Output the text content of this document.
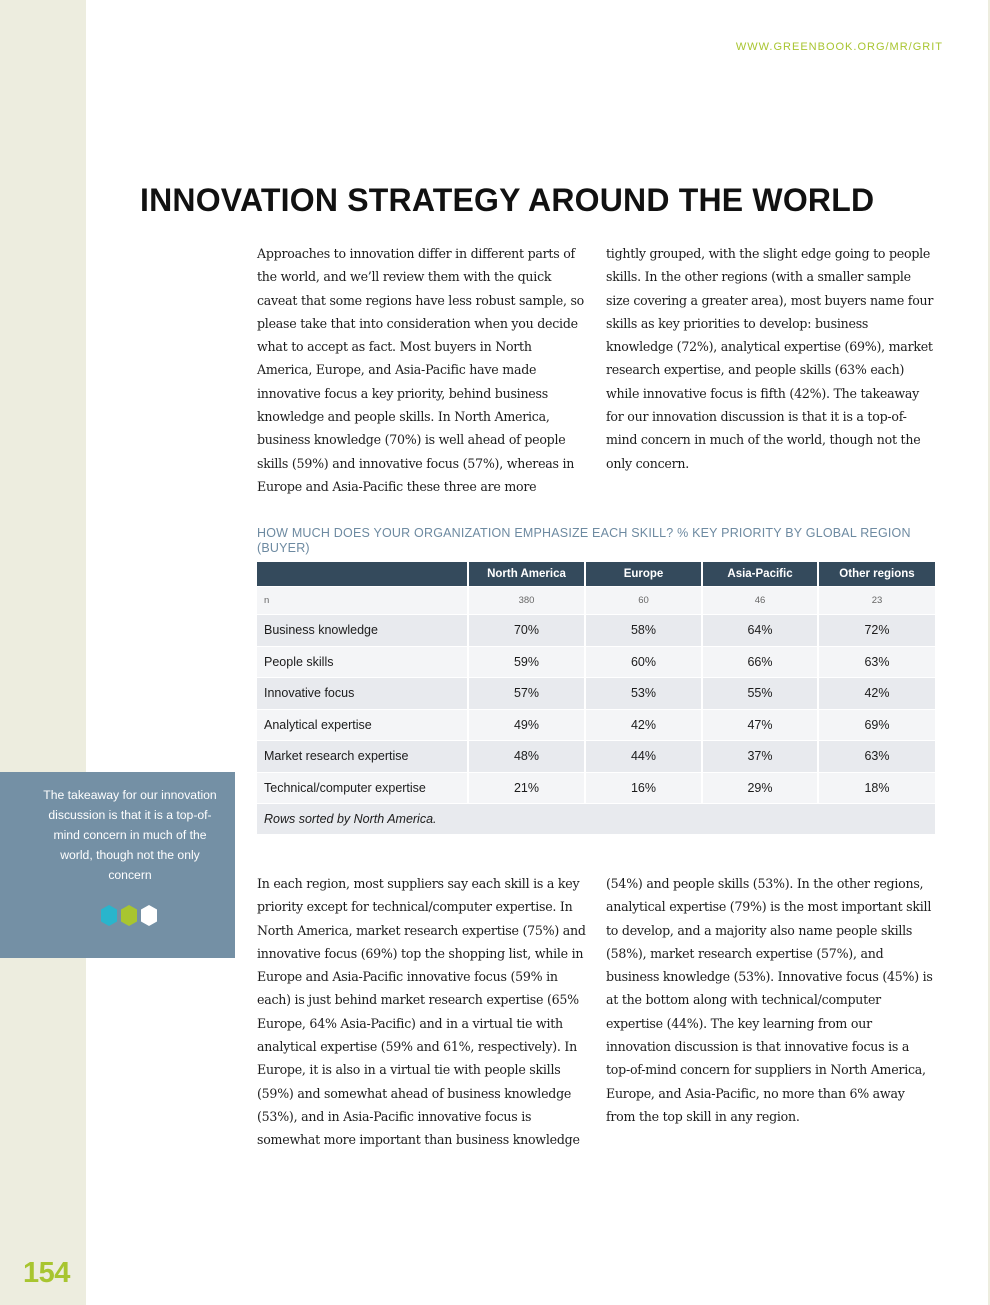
WWW.GREENBOOK.ORG/MR/GRIT
INNOVATION STRATEGY AROUND THE WORLD

Approaches to innovation differ in different parts of the world, and we’ll review them with the quick caveat that some regions have less robust sample, so please take that into consideration when you decide what to accept as fact. Most buyers in North America, Europe, and Asia-Pacific have made innovative focus a key priority, behind business knowledge and people skills. In North America, business knowledge (70%) is well ahead of people skills (59%) and innovative focus (57%), whereas in Europe and Asia-Pacific these three are more

tightly grouped, with the slight edge going to people skills. In the other regions (with a smaller sample size covering a greater area), most buyers name four skills as key priorities to develop: business knowledge (72%), analytical expertise (69%), market research expertise, and people skills (63% each) while innovative focus is fifth (42%). The takeaway for our innovation discussion is that it is a top-of-mind concern in much of the world, though not the only concern.

HOW MUCH DOES YOUR ORGANIZATION EMPHASIZE EACH SKILL? % KEY PRIORITY BY GLOBAL REGION (BUYER)

	North America	Europe	Asia-Pacific	Other regions
n	380	60	46	23
Business knowledge	70%	58%	64%	72%
People skills	59%	60%	66%	63%
Innovative focus	57%	53%	55%	42%
Analytical expertise	49%	42%	47%	69%
Market research expertise	48%	44%	37%	63%
Technical/computer expertise	21%	16%	29%	18%
Rows sorted by North America.				

The takeaway for our innovation discussion is that it is a top-of-mind concern in much of the world, though not the only concern

In each region, most suppliers say each skill is a key priority except for technical/computer expertise. In North America, market research expertise (75%) and innovative focus (69%) top the shopping list, while in Europe and Asia-Pacific innovative focus (59% in each) is just behind market research expertise (65% Europe, 64% Asia-Pacific) and in a virtual tie with analytical expertise (59% and 61%, respectively). In Europe, it is also in a virtual tie with people skills (59%) and somewhat ahead of business knowledge (53%), and in Asia-Pacific innovative focus is somewhat more important than business knowledge

(54%) and people skills (53%). In the other regions, analytical expertise (79%) is the most important skill to develop, and a majority also name people skills (58%), market research expertise (57%), and business knowledge (53%). Innovative focus (45%) is at the bottom along with technical/computer expertise (44%). The key learning from our innovation discussion is that innovative focus is a top-of-mind concern for suppliers in North America, Europe, and Asia-Pacific, no more than 6% away from the top skill in any region.

154
